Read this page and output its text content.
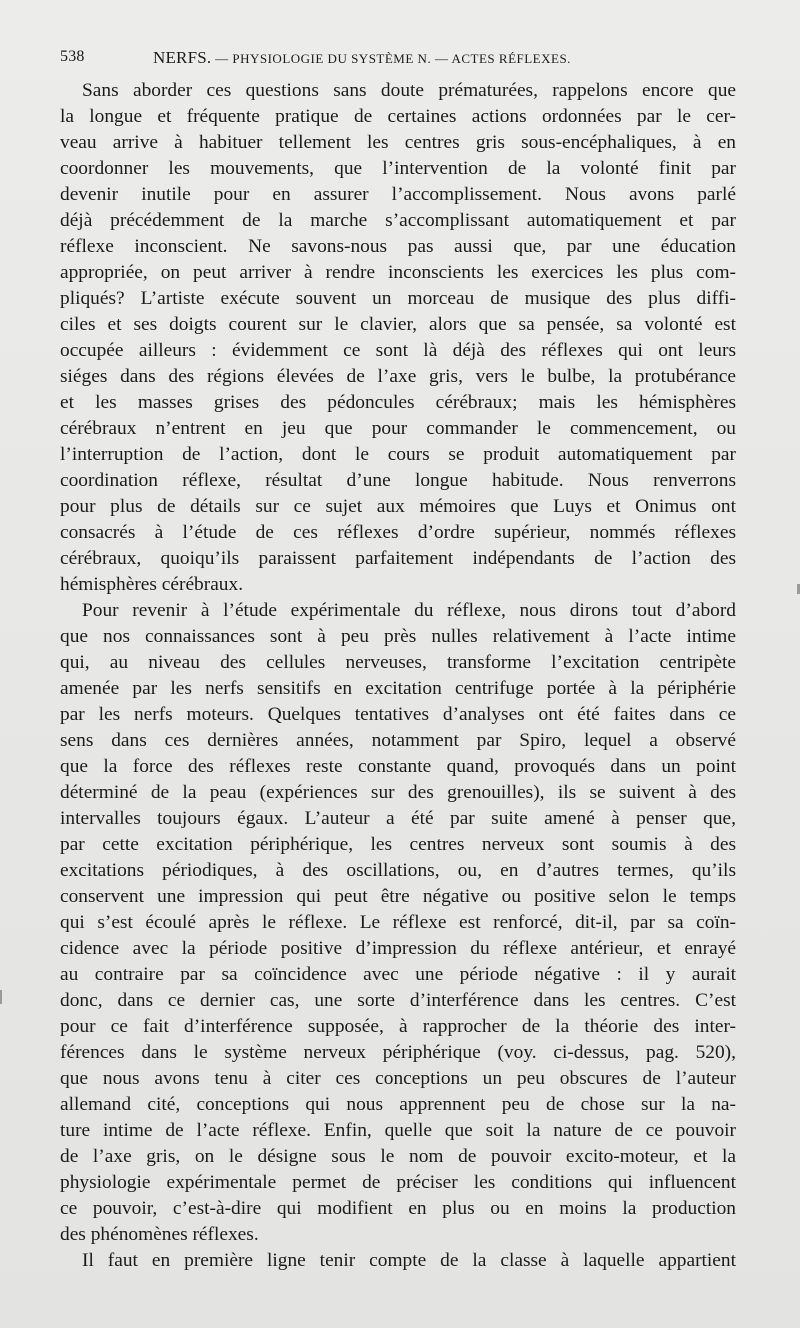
538	NERFS. — PHYSIOLOGIE DU SYSTÈME N. — ACTES RÉFLEXES.
Sans aborder ces questions sans doute prématurées, rappelons encore que
la longue et fréquente pratique de certaines actions ordonnées par le cer-
veau arrive à habituer tellement les centres gris sous-encéphaliques, à en
coordonner les mouvements, que l’intervention de la volonté finit par
devenir inutile pour en assurer l’accomplissement. Nous avons parlé
déjà précédemment de la marche s’accomplissant automatiquement et par
réflexe inconscient. Ne savons-nous pas aussi que, par une éducation
appropriée, on peut arriver à rendre inconscients les exercices les plus com-
pliqués? L’artiste exécute souvent un morceau de musique des plus diffi-
ciles et ses doigts courent sur le clavier, alors que sa pensée, sa volonté est
occupée ailleurs : évidemment ce sont là déjà des réflexes qui ont leurs
siéges dans des régions élevées de l’axe gris, vers le bulbe, la protubérance
et les masses grises des pédoncules cérébraux; mais les hémisphères
cérébraux n’entrent en jeu que pour commander le commencement, ou
l’interruption de l’action, dont le cours se produit automatiquement par
coordination réflexe, résultat d’une longue habitude. Nous renverrons
pour plus de détails sur ce sujet aux mémoires que Luys et Onimus ont
consacrés à l’étude de ces réflexes d’ordre supérieur, nommés réflexes
cérébraux, quoiqu’ils paraissent parfaitement indépendants de l’action des
hémisphères cérébraux.
Pour revenir à l’étude expérimentale du réflexe, nous dirons tout d’abord
que nos connaissances sont à peu près nulles relativement à l’acte intime
qui, au niveau des cellules nerveuses, transforme l’excitation centripète
amenée par les nerfs sensitifs en excitation centrifuge portée à la périphérie
par les nerfs moteurs. Quelques tentatives d’analyses ont été faites dans ce
sens dans ces dernières années, notamment par Spiro, lequel a observé
que la force des réflexes reste constante quand, provoqués dans un point
déterminé de la peau (expériences sur des grenouilles), ils se suivent à des
intervalles toujours égaux. L’auteur a été par suite amené à penser que,
par cette excitation périphérique, les centres nerveux sont soumis à des
excitations périodiques, à des oscillations, ou, en d’autres termes, qu’ils
conservent une impression qui peut être négative ou positive selon le temps
qui s’est écoulé après le réflexe. Le réflexe est renforcé, dit-il, par sa coïn-
cidence avec la période positive d’impression du réflexe antérieur, et enrayé
au contraire par sa coïncidence avec une période négative : il y aurait
donc, dans ce dernier cas, une sorte d’interférence dans les centres. C’est
pour ce fait d’interférence supposée, à rapprocher de la théorie des inter-
férences dans le système nerveux périphérique (voy. ci-dessus, pag. 520),
que nous avons tenu à citer ces conceptions un peu obscures de l’auteur
allemand cité, conceptions qui nous apprennent peu de chose sur la na-
ture intime de l’acte réflexe. Enfin, quelle que soit la nature de ce pouvoir
de l’axe gris, on le désigne sous le nom de pouvoir excito-moteur, et la
physiologie expérimentale permet de préciser les conditions qui influencent
ce pouvoir, c’est-à-dire qui modifient en plus ou en moins la production
des phénomènes réflexes.
Il faut en première ligne tenir compte de la classe à laquelle appartient
